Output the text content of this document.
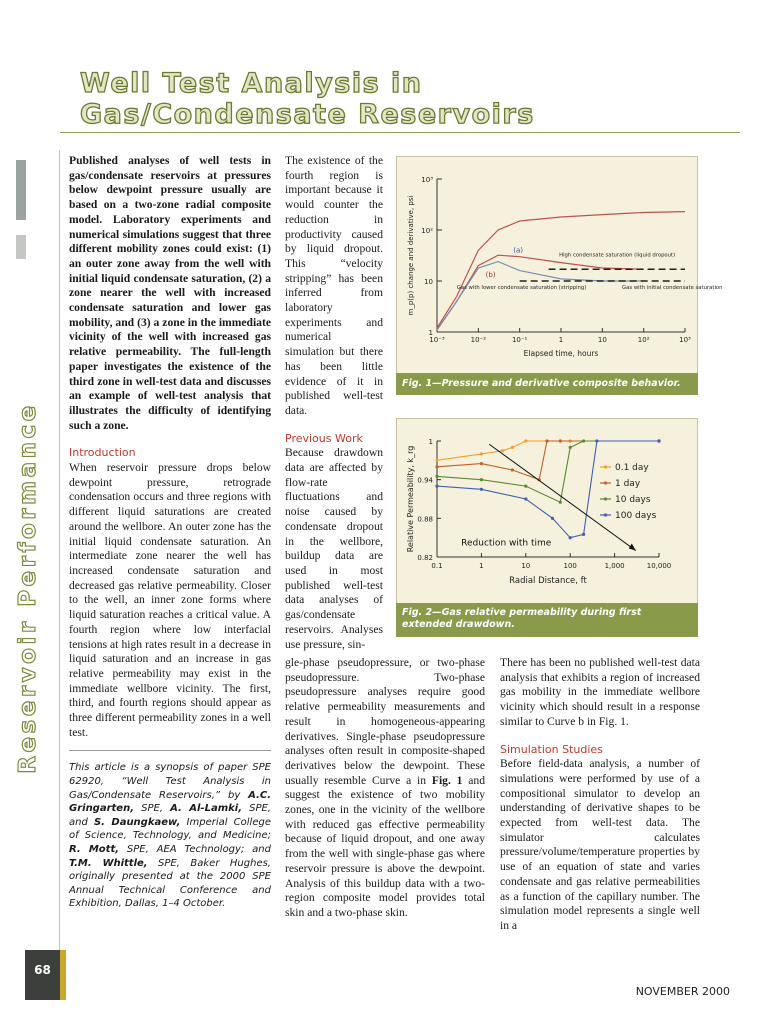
Well Test Analysis in
Gas/Condensate Reservoirs
Reservoir Performance

Published analyses of well tests in gas/condensate reservoirs at pressures below dewpoint pressure usually are based on a two-zone radial composite model. Laboratory experiments and numerical simulations suggest that three different mobility zones could exist: (1) an outer zone away from the well with initial liquid condensate saturation, (2) a zone nearer the well with increased condensate saturation and lower gas mobility, and (3) a zone in the immediate vicinity of the well with increased gas relative permeability. The full-length paper investigates the existence of the third zone in well-test data and discusses an example of well-test analysis that illustrates the difficulty of identifying such a zone.

Introduction

When reservoir pressure drops below dewpoint pressure, retrograde condensation occurs and three regions with different liquid saturations are created around the wellbore. An outer zone has the initial liquid condensate saturation. An intermediate zone nearer the well has increased condensate saturation and decreased gas relative permeability. Closer to the well, an inner zone forms where liquid saturation reaches a critical value. A fourth region where low interfacial tensions at high rates result in a decrease in liquid saturation and an increase in gas relative permeability may exist in the immediate wellbore vicinity. The first, third, and fourth regions should appear as three different permeability zones in a well test.

This article is a synopsis of paper SPE 62920, “Well Test Analysis in Gas/Condensate Reservoirs,” by A.C. Gringarten, SPE, A. Al-Lamki, SPE, and S. Daungkaew, Imperial College of Science, Technology, and Medicine; R. Mott, SPE, AEA Technology; and T.M. Whittle, SPE, Baker Hughes, originally presented at the 2000 SPE Annual Technical Conference and Exhibition, Dallas, 1–4 October.

The existence of the fourth region is important because it would counter the reduction in productivity caused by liquid dropout. This “velocity stripping” has been inferred from laboratory experiments and numerical simulation but there has been little evidence of it in published well-test data.

Previous Work

Because drawdown data are affected by flow-rate fluctuations and noise caused by condensate dropout in the wellbore, buildup data are used in most published well-test data analyses of gas/condensate reservoirs. Analyses use pressure, sin-

gle-phase pseudopressure, or two-phase pseudopressure. Two-phase pseudopressure analyses require good relative permeability measurements and result in homogeneous-appearing derivatives. Single-phase pseudopressure analyses often result in composite-shaped derivatives below the dewpoint. These usually resemble Curve a in Fig. 1 and suggest the existence of two mobility zones, one in the vicinity of the wellbore with reduced gas effective permeability because of liquid dropout, and one away from the well with single-phase gas where reservoir pressure is above the dewpoint. Analysis of this buildup data with a two-region composite model provides total skin and a two-phase skin.

There has been no published well-test data analysis that exhibits a region of increased gas mobility in the immediate wellbore vicinity which should result in a response similar to Curve b in Fig. 1.

Simulation Studies

Before field-data analysis, a number of simulations were performed by use of a compositional simulator to develop an understanding of derivative shapes to be expected from well-test data. The simulator calculates pressure/volume/temperature properties by use of an equation of state and varies condensate and gas relative permeabilities as a function of the capillary number. The simulation model represents a single well in a

1
10
10²
10³
10⁻³	10⁻²	10⁻¹	1	10	10²	10³
Elapsed time, hours
m_p(p) change and derivative, psi	(a)
(b)
High condensate saturation (liquid dropout)
Gas with lower condensate saturation (stripping)	Gas with initial condensate saturation
Fig. 1—Pressure and derivative composite behavior.
0.82
0.88
0.94
1
0.1	1	10	100	1,000	10,000
Radial Distance, ft
Relative Permeability, k_rg	0.1 day
1 day
10 days
100 days
Reduction with time
Fig. 2—Gas relative permeability during first extended drawdown.
68
NOVEMBER 2000
